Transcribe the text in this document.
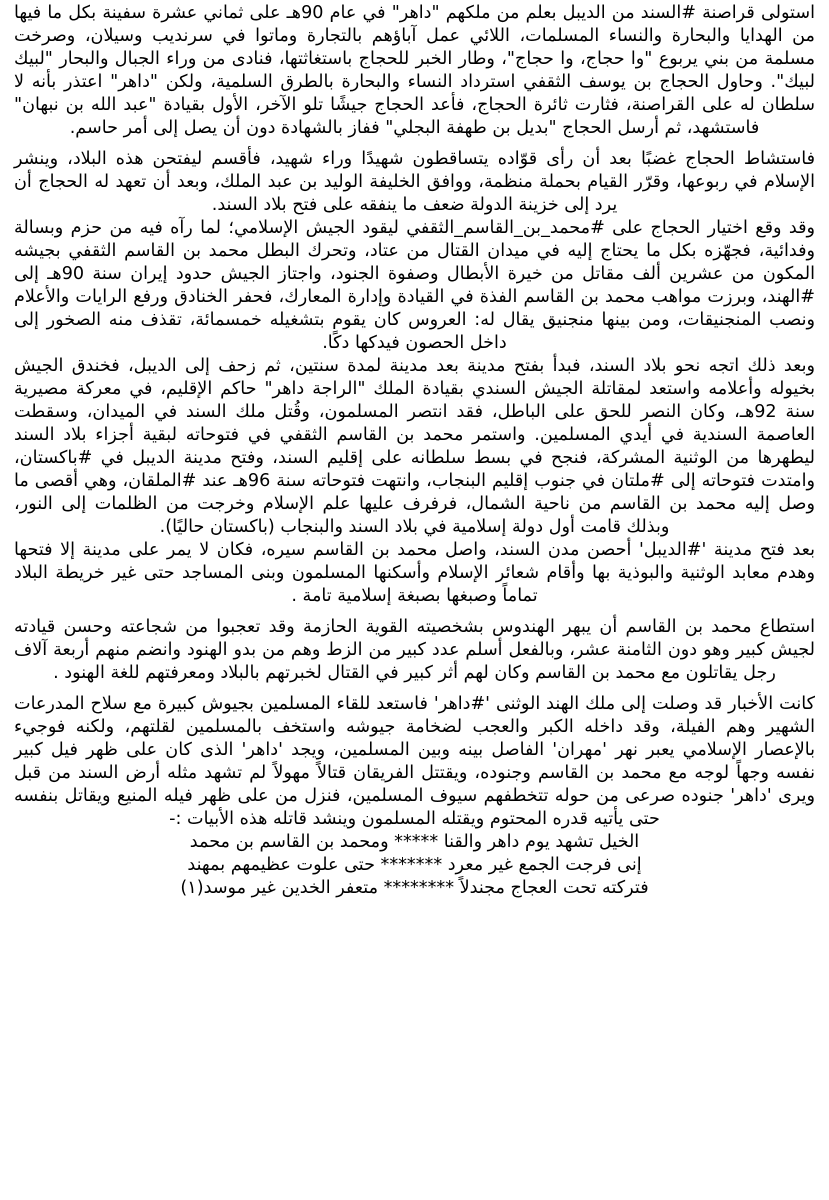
استولى قراصنة #السند من الديبل بعلم من ملكهم "داهر" في عام 90هـ على ثماني عشرة سفينة بكل ما فيها من الهدايا والبحارة والنساء المسلمات، اللائي عمل آباؤهم بالتجارة وماتوا في سرنديب وسيلان، وصرخت مسلمة من بني يربوع "وا حجاج، وا حجاج"، وطار الخبر للحجاج باستغاثتها، فنادى من وراء الجبال والبحار "لبيك لبيك". وحاول الحجاج بن يوسف الثقفي استرداد النساء والبحارة بالطرق السلمية، ولكن "داهر" اعتذر بأنه لا سلطان له على القراصنة، فثارت ثائرة الحجاج، فأعد الحجاج جيشًا تلو الآخر، الأول بقيادة "عبد الله بن نبهان" فاستشهد، ثم أرسل الحجاج "بديل بن طهفة البجلي" ففاز بالشهادة دون أن يصل إلى أمر حاسم.

فاستشاط الحجاج غضبًا بعد أن رأى قوّاده يتساقطون شهيدًا وراء شهيد، فأقسم ليفتحن هذه البلاد، وينشر الإسلام في ربوعها، وقرّر القيام بحملة منظمة، ووافق الخليفة الوليد بن عبد الملك، وبعد أن تعهد له الحجاج أن يرد إلى خزينة الدولة ضعف ما ينفقه على فتح بلاد السند.

وقد وقع اختيار الحجاج على #محمد_بن_القاسم_الثقفي ليقود الجيش الإسلامي؛ لما رآه فيه من حزم وبسالة وفدائية، فجهّزه بكل ما يحتاج إليه في ميدان القتال من عتاد، وتحرك البطل محمد بن القاسم الثقفي بجيشه المكون من عشرين ألف مقاتل من خيرة الأبطال وصفوة الجنود، واجتاز الجيش حدود إيران سنة 90هـ إلى #الهند، وبرزت مواهب محمد بن القاسم الفذة في القيادة وإدارة المعارك، فحفر الخنادق ورفع الرايات والأعلام ونصب المنجنيقات، ومن بينها منجنيق يقال له: العروس كان يقوم بتشغيله خمسمائة، تقذف منه الصخور إلى داخل الحصون فيدكها دكًا.

وبعد ذلك اتجه نحو بلاد السند، فبدأ بفتح مدينة بعد مدينة لمدة سنتين، ثم زحف إلى الديبل، فخندق الجيش بخيوله وأعلامه واستعد لمقاتلة الجيش السندي بقيادة الملك "الراجة داهر" حاكم الإقليم، في معركة مصيرية سنة 92هـ، وكان النصر للحق على الباطل، فقد انتصر المسلمون، وقُتل ملك السند في الميدان، وسقطت العاصمة السندية في أيدي المسلمين. واستمر محمد بن القاسم الثقفي في فتوحاته لبقية أجزاء بلاد السند ليطهرها من الوثنية المشركة، فنجح في بسط سلطانه على إقليم السند، وفتح مدينة الديبل في #باكستان، وامتدت فتوحاته إلى #ملتان في جنوب إقليم البنجاب، وانتهت فتوحاته سنة 96هـ عند #الملقان، وهي أقصى ما وصل إليه محمد بن القاسم من ناحية الشمال، فرفرف عليها علم الإسلام وخرجت من الظلمات إلى النور، وبذلك قامت أول دولة إسلامية في بلاد السند والبنجاب (باكستان حاليًا).

بعد فتح مدينة '#الديبل' أحصن مدن السند، واصل محمد بن القاسم سيره، فكان لا يمر على مدينة إلا فتحها وهدم معابد الوثنية والبوذية بها وأقام شعائر الإسلام وأسكنها المسلمون وبنى المساجد حتى غير خريطة البلاد تماماً وصبغها بصبغة إسلامية تامة .

استطاع محمد بن القاسم أن يبهر الهندوس بشخصيته القوية الحازمة وقد تعجبوا من شجاعته وحسن قيادته لجيش كبير وهو دون الثامنة عشر، وبالفعل أسلم عدد كبير من الزط وهم من بدو الهنود وانضم منهم أربعة آلاف رجل يقاتلون مع محمد بن القاسم وكان لهم أثر كبير في القتال لخبرتهم بالبلاد ومعرفتهم للغة الهنود .

كانت الأخبار قد وصلت إلى ملك الهند الوثنى '#داهر' فاستعد للقاء المسلمين بجيوش كبيرة مع سلاح المدرعات الشهير وهم الفيلة، وقد داخله الكبر والعجب لضخامة جيوشه واستخف بالمسلمين لقلتهم، ولكنه فوجيء بالإعصار الإسلامي يعبر نهر 'مهران' الفاصل بينه وبين المسلمين، ويجد 'داهر' الذى كان على ظهر فيل كبير نفسه وجهاً لوجه مع محمد بن القاسم وجنوده، ويقتتل الفريقان قتالاً مهولاً لم تشهد مثله أرض السند من قبل ويرى 'داهر' جنوده صرعى من حوله تتخطفهم سيوف المسلمين، فنزل من على ظهر فيله المنيع ويقاتل بنفسه حتى يأتيه قدره المحتوم ويقتله المسلمون وينشد قاتله هذه الأبيات :-

الخيل تشهد يوم داهر والقنا ***** ومحمد بن القاسم بن محمد
إنى فرجت الجمع غير معرد ******* حتى علوت عظيمهم بمهند
فتركته تحت العجاج مجندلاً ******** متعفر الخدين غير موسد(١)
